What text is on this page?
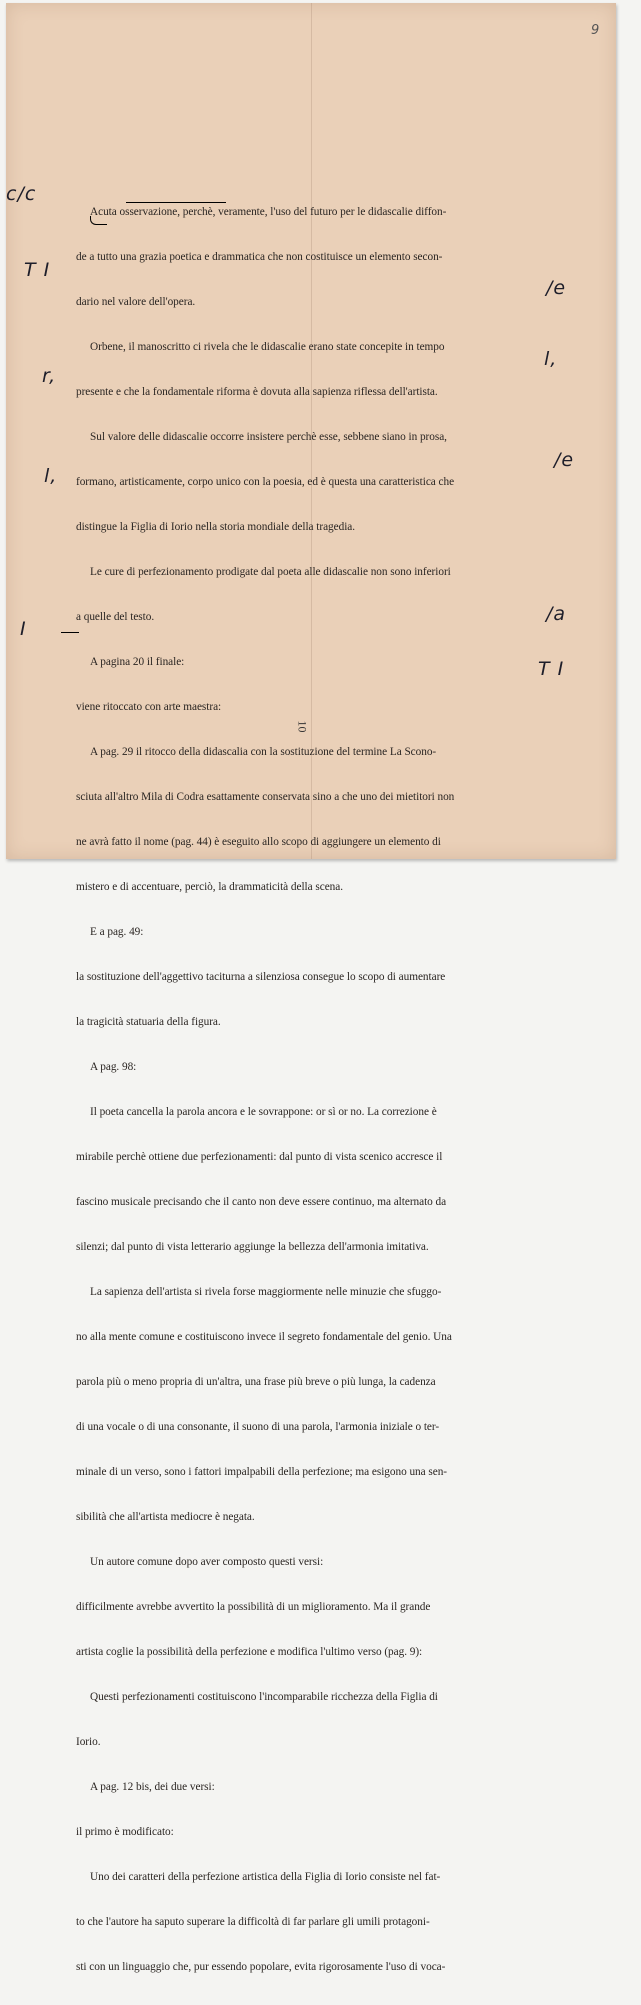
9

Acuta osservazione, perchè, veramente, l'uso del futuro per le didascalie diffon-

de a tutto una grazia poetica e drammatica che non costituisce un elemento secon-

dario nel valore dell'opera.

Orbene, il manoscritto ci rivela che le didascalie erano state concepite in tempo

presente e che la fondamentale riforma è dovuta alla sapienza riflessa dell'artista.

Sul valore delle didascalie occorre insistere perchè esse, sebbene siano in prosa,

formano, artisticamente, corpo unico con la poesia, ed è questa una caratteristica che

distingue la Figlia di Iorio nella storia mondiale della tragedia.

Le cure di perfezionamento prodigate dal poeta alle didascalie non sono inferiori

a quelle del testo.

A pagina 20 il finale:

viene ritoccato con arte maestra:

A pag. 29 il ritocco della didascalia con la sostituzione del termine La Scono-

sciuta all'altro Mila di Codra esattamente conservata sino a che uno dei mietitori non

ne avrà fatto il nome (pag. 44) è eseguito allo scopo di aggiungere un elemento di

mistero e di accentuare, perciò, la drammaticità della scena.

E a pag. 49:

la sostituzione dell'aggettivo taciturna a silenziosa consegue lo scopo di aumentare

la tragicità statuaria della figura.

A pag. 98:

Il poeta cancella la parola ancora e le sovrappone: or sì or no. La correzione è

mirabile perchè ottiene due perfezionamenti: dal punto di vista scenico accresce il

fascino musicale precisando che il canto non deve essere continuo, ma alternato da

silenzi; dal punto di vista letterario aggiunge la bellezza dell'armonia imitativa.

La sapienza dell'artista si rivela forse maggiormente nelle minuzie che sfuggo-

no alla mente comune e costituiscono invece il segreto fondamentale del genio. Una

parola più o meno propria di un'altra, una frase più breve o più lunga, la cadenza

di una vocale o di una consonante, il suono di una parola, l'armonia iniziale o ter-

minale di un verso, sono i fattori impalpabili della perfezione; ma esigono una sen-

sibilità che all'artista mediocre è negata.

Un autore comune dopo aver composto questi versi:

difficilmente avrebbe avvertito la possibilità di un miglioramento. Ma il grande

artista coglie la possibilità della perfezione e modifica l'ultimo verso (pag. 9):

Questi perfezionamenti costituiscono l'incomparabile ricchezza della Figlia di

Iorio.

A pag. 12 bis, dei due versi:

il primo è modificato:

Uno dei caratteri della perfezione artistica della Figlia di Iorio consiste nel fat-

to che l'autore ha saputo superare la difficoltà di far parlare gli umili protagoni-

sti con un linguaggio che, pur essendo popolare, evita rigorosamente l'uso di voca-

c/c
T I
/e
r,
l,
l,
/e
I
/a
T I
10
